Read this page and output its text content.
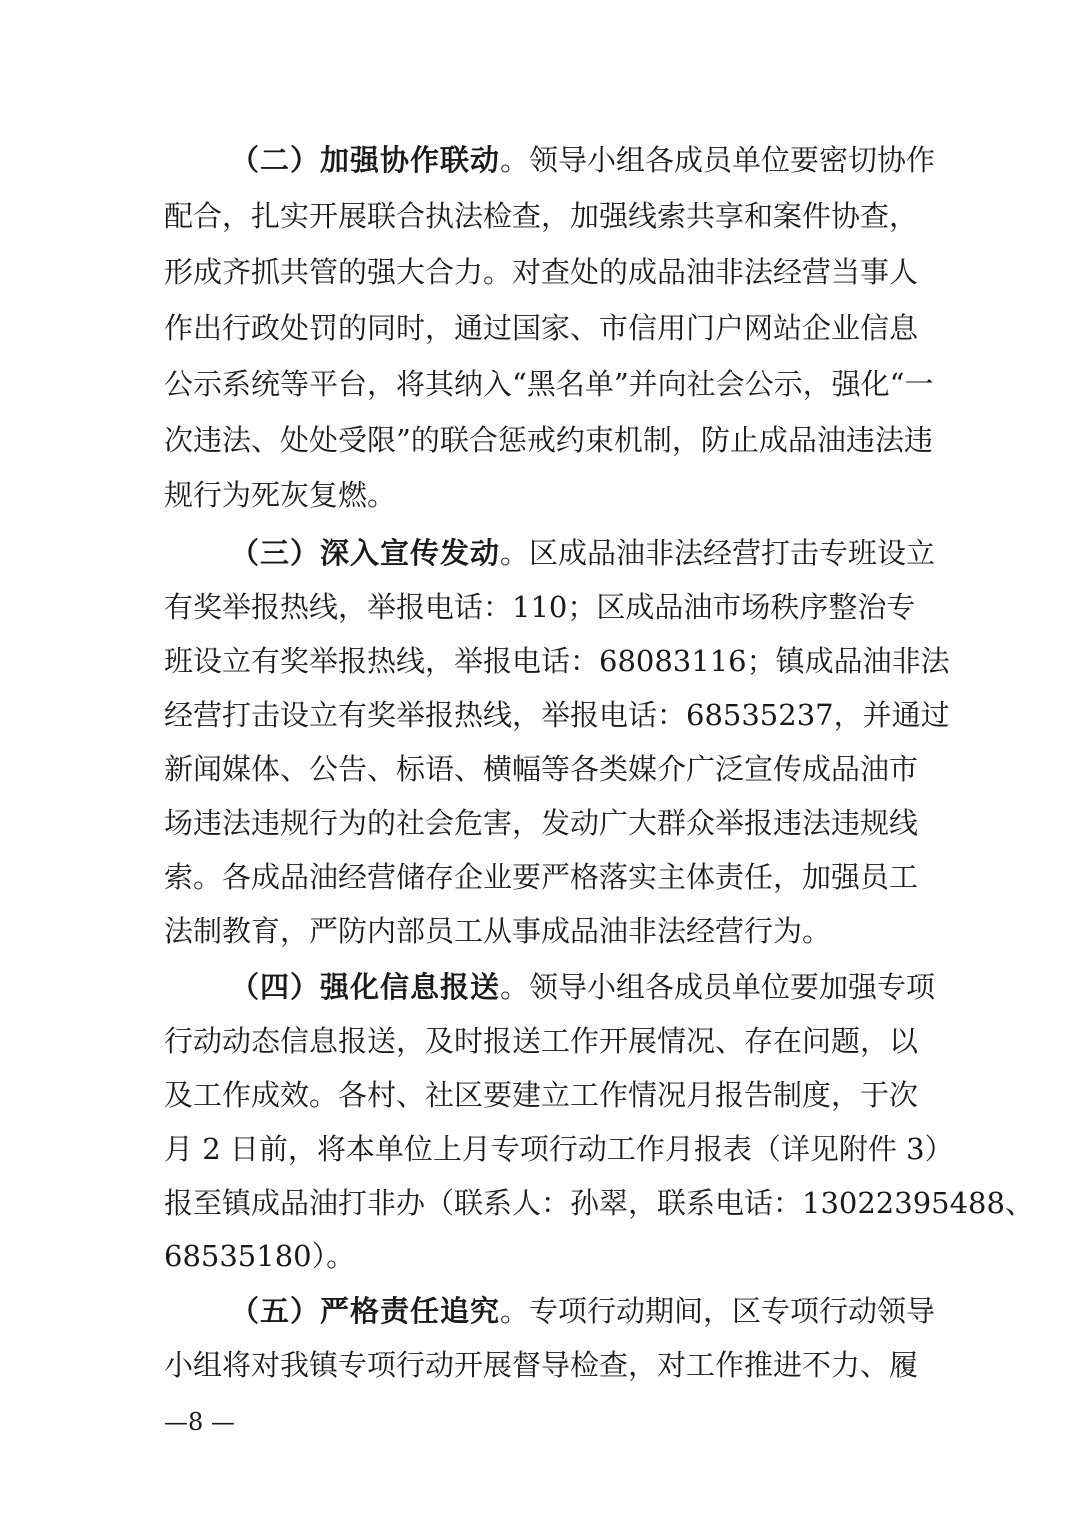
（二）加强协作联动。领导小组各成员单位要密切协作

配合，扎实开展联合执法检查，加强线索共享和案件协查，

形成齐抓共管的强大合力。对查处的成品油非法经营当事人

作出行政处罚的同时，通过国家、市信用门户网站企业信息

公示系统等平台，将其纳入“黑名单”并向社会公示，强化“一

次违法、处处受限”的联合惩戒约束机制，防止成品油违法违

规行为死灰复燃。

（三）深入宣传发动。区成品油非法经营打击专班设立

有奖举报热线，举报电话：110；区成品油市场秩序整治专

班设立有奖举报热线，举报电话：68083116；镇成品油非法

经营打击设立有奖举报热线，举报电话：68535237，并通过

新闻媒体、公告、标语、横幅等各类媒介广泛宣传成品油市

场违法违规行为的社会危害，发动广大群众举报违法违规线

索。各成品油经营储存企业要严格落实主体责任，加强员工

法制教育，严防内部员工从事成品油非法经营行为。

（四）强化信息报送。领导小组各成员单位要加强专项

行动动态信息报送，及时报送工作开展情况、存在问题，以

及工作成效。各村、社区要建立工作情况月报告制度，于次

月 2 日前，将本单位上月专项行动工作月报表（详见附件 3）

报至镇成品油打非办（联系人：孙翠，联系电话：13022395488、

68535180）。

（五）严格责任追究。专项行动期间，区专项行动领导

小组将对我镇专项行动开展督导检查，对工作推进不力、履

—8 —
